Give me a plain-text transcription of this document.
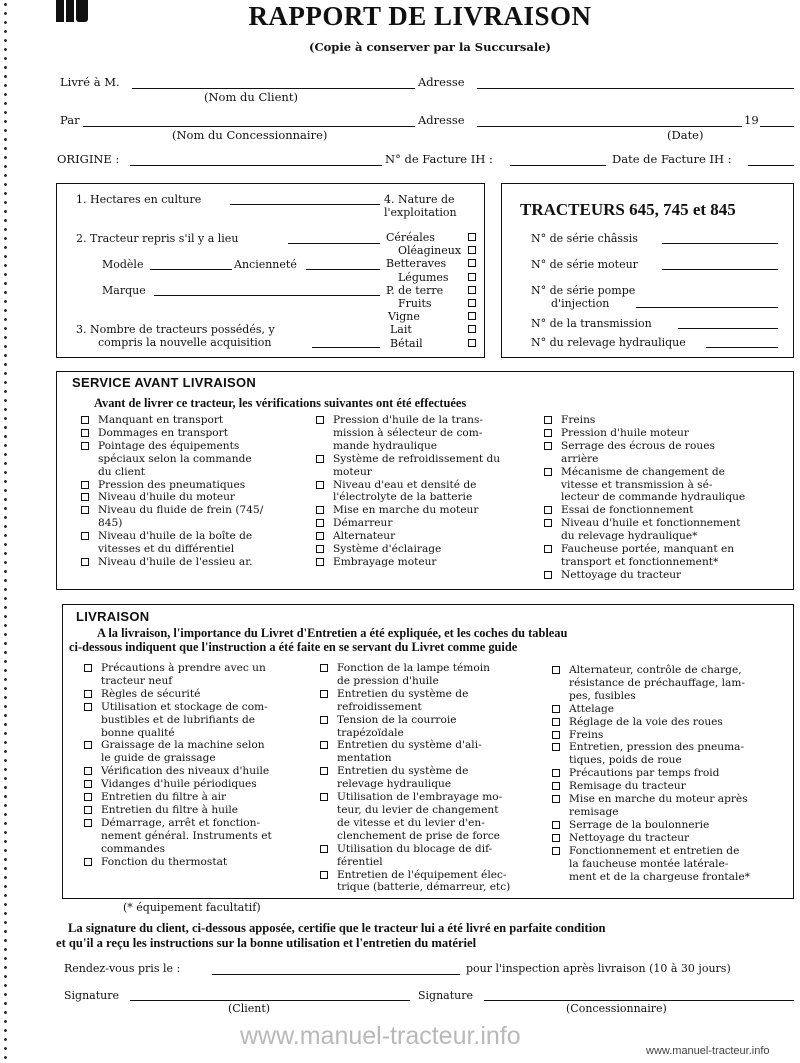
RAPPORT DE LIVRAISON
(Copie à conserver par la Succursale)
Livré à M.	Adresse
(Nom du Client)
Par	Adresse	19
(Nom du Concessionnaire)	(Date)
ORIGINE :	N° de Facture IH :	Date de Facture IH :
1. Hectares en culture
2. Tracteur repris s'il y a lieu
Modèle	Ancienneté
Marque
3. Nombre de tracteurs possédés, y
compris la nouvelle acquisition
4. Nature de
l'exploitation
Céréales
Oléagineux
Betteraves
Légumes
P. de terre
Fruits
Vigne
Lait
Bétail
TRACTEURS 645, 745 et 845
N° de série châssis
N° de série moteur
N° de série pompe
d'injection
N° de la transmission
N° du relevage hydraulique
SERVICE AVANT LIVRAISON
Avant de livrer ce tracteur, les vérifications suivantes ont été effectuées
Manquant en transport
Dommages en transport
Pointage des équipements
spéciaux selon la commande
du client
Pression des pneumatiques
Niveau d'huile du moteur
Niveau du fluide de frein (745/
845)
Niveau d'huile de la boîte de
vitesses et du différentiel
Niveau d'huile de l'essieu ar.
Pression d'huile de la trans-
mission à sélecteur de com-
mande hydraulique
Système de refroidissement du
moteur
Niveau d'eau et densité de
l'électrolyte de la batterie
Mise en marche du moteur
Démarreur
Alternateur
Système d'éclairage
Embrayage moteur
Freins
Pression d'huile moteur
Serrage des écrous de roues
arrière
Mécanisme de changement de
vitesse et transmission à sé-
lecteur de commande hydraulique
Essai de fonctionnement
Niveau d'huile et fonctionnement
du relevage hydraulique*
Faucheuse portée, manquant en
transport et fonctionnement*
Nettoyage du tracteur
LIVRAISON
A la livraison, l'importance du Livret d'Entretien a été expliquée, et les coches du tableau
ci-dessous indiquent que l'instruction a été faite en se servant du Livret comme guide
Précautions à prendre avec un
tracteur neuf
Règles de sécurité
Utilisation et stockage de com-
bustibles et de lubrifiants de
bonne qualité
Graissage de la machine selon
le guide de graissage
Vérification des niveaux d'huile
Vidanges d'huile périodiques
Entretien du filtre à air
Entretien du filtre à huile
Démarrage, arrêt et fonction-
nement général. Instruments et
commandes
Fonction du thermostat
Fonction de la lampe témoin
de pression d'huile
Entretien du système de
refroidissement
Tension de la courroie
trapézoïdale
Entretien du système d'ali-
mentation
Entretien du système de
relevage hydraulique
Utilisation de l'embrayage mo-
teur, du levier de changement
de vitesse et du levier d'en-
clenchement de prise de force
Utilisation du blocage de dif-
férentiel
Entretien de l'équipement élec-
trique (batterie, démarreur, etc)
Alternateur, contrôle de charge,
résistance de préchauffage, lam-
pes, fusibles
Attelage
Réglage de la voie des roues
Freins
Entretien, pression des pneuma-
tiques, poids de roue
Précautions par temps froid
Remisage du tracteur
Mise en marche du moteur après
remisage
Serrage de la boulonnerie
Nettoyage du tracteur
Fonctionnement et entretien de
la faucheuse montée latérale-
ment et de la chargeuse frontale*
(* équipement facultatif)
La signature du client, ci-dessous apposée, certifie que le tracteur lui a été livré en parfaite condition
et qu'il a reçu les instructions sur la bonne utilisation et l'entretien du matériel
Rendez-vous pris le :	pour l'inspection après livraison (10 à 30 jours)
Signature	Signature
(Client)	(Concessionnaire)
www.manuel-tracteur.info
www.manuel-tracteur.info
